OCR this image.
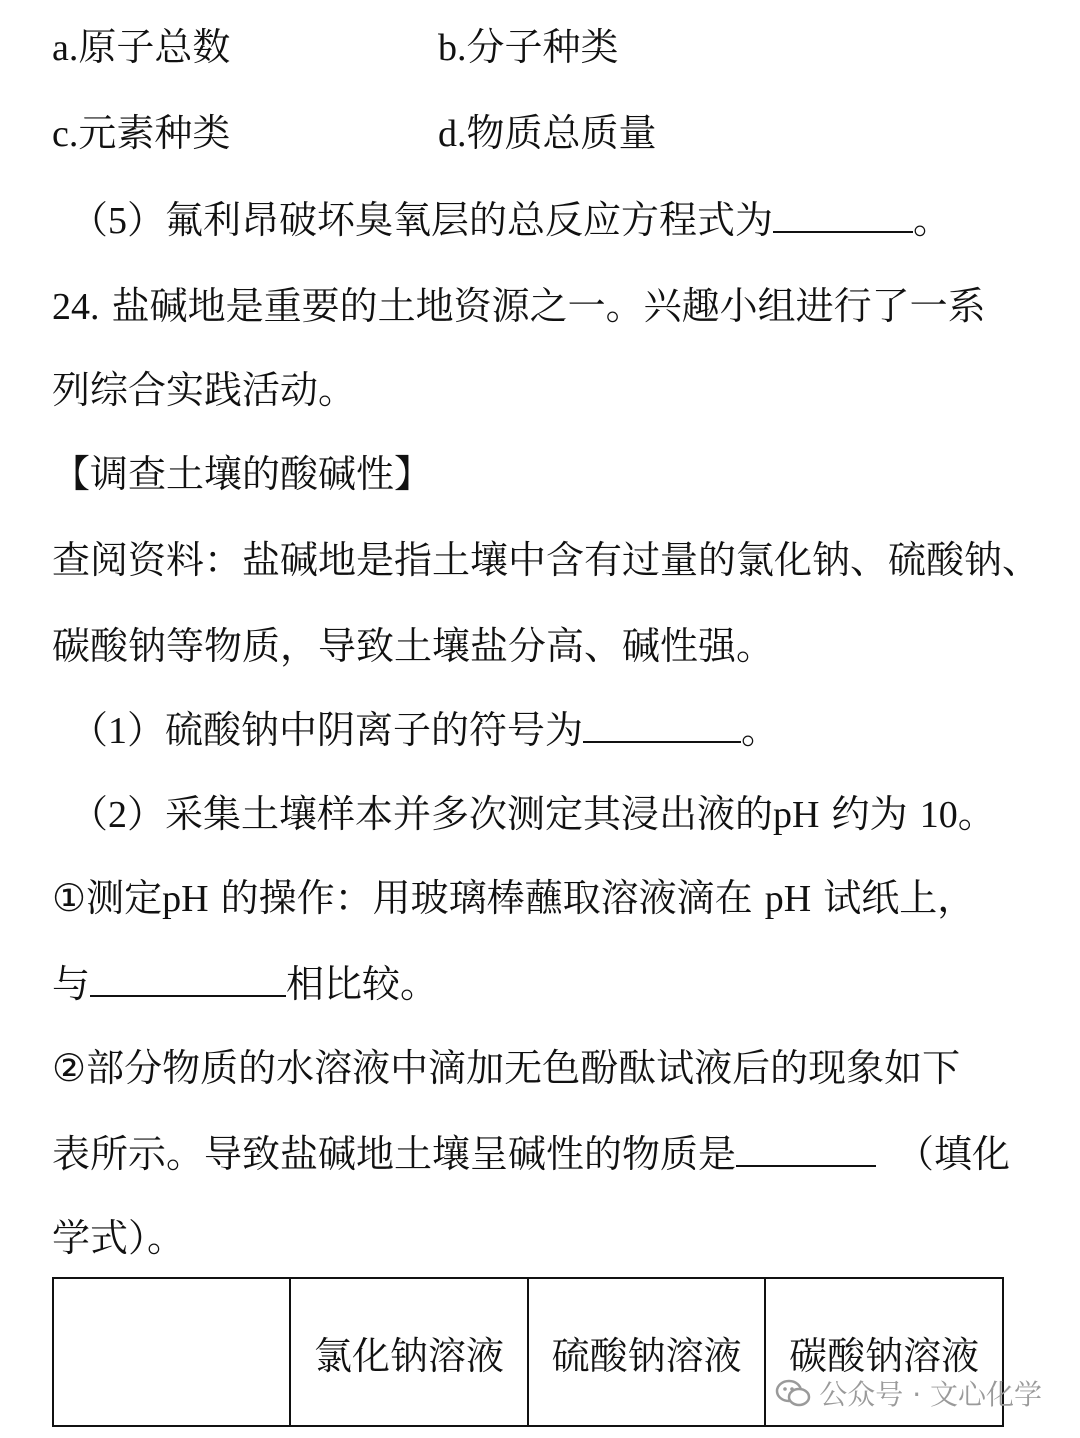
a.原子总数	b.分子种类
c.元素种类	d.物质总质量
（5）氟利昂破坏臭氧层的总反应方程式为	。
24. 盐碱地是重要的土地资源之一。兴趣小组进行了一系
列综合实践活动。
【调查土壤的酸碱性】
查阅资料：盐碱地是指土壤中含有过量的氯化钠、硫酸钠、
碳酸钠等物质，导致土壤盐分高、碱性强。
（1）硫酸钠中阴离子的符号为	。
（2）采集土壤样本并多次测定其浸出液的pH 约为 10。
①测定pH 的操作：用玻璃棒蘸取溶液滴在 pH 试纸上，
与	相比较。
②部分物质的水溶液中滴加无色酚酞试液后的现象如下
表所示。导致盐碱地土壤呈碱性的物质是	（填化
学式）。
	氯化钠溶液	硫酸钠溶液	碳酸钠溶液
公众号 · 文心化学
